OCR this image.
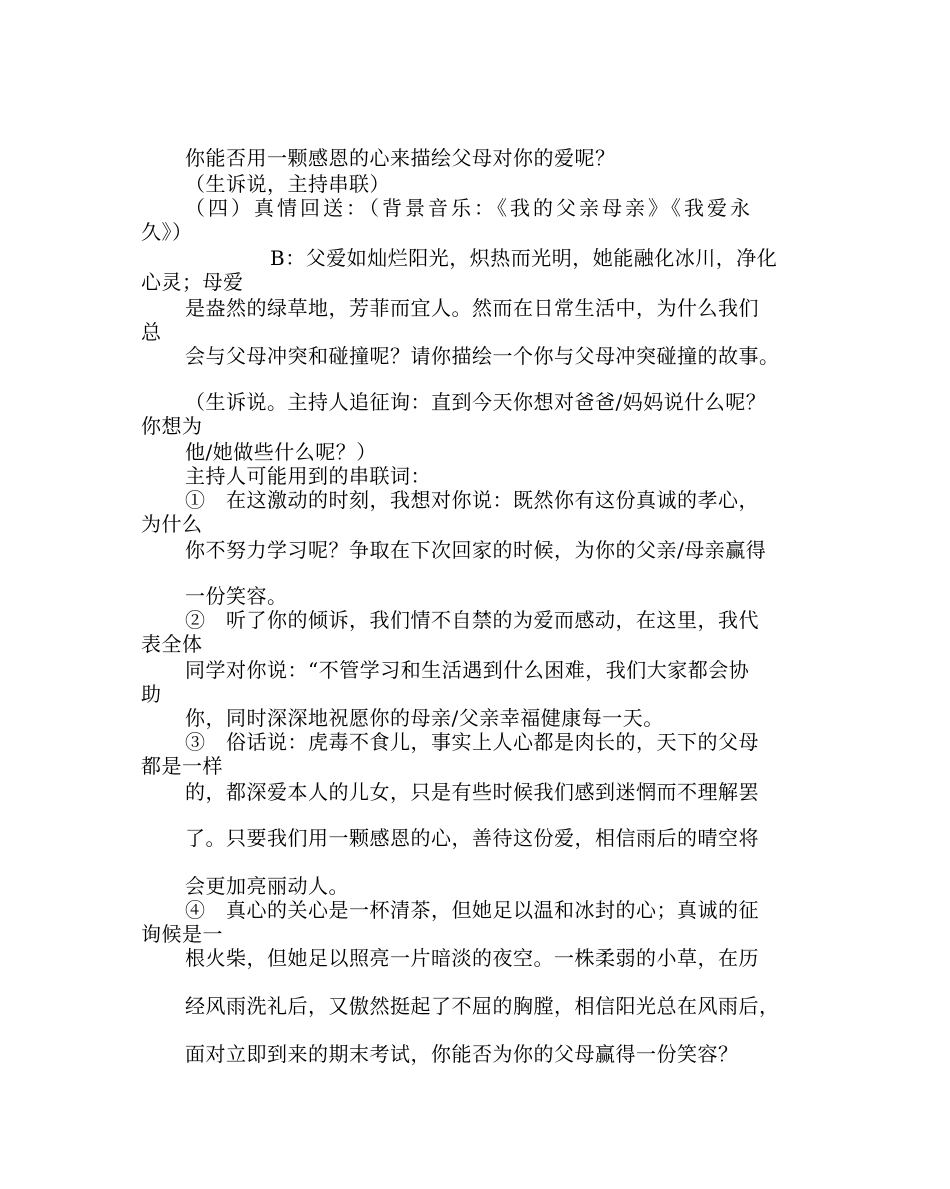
你能否用一颗感恩的心来描绘父母对你的爱呢？
（生诉说，主持串联）
（四）真情回送：（背景音乐：《我的父亲母亲》《我爱永
久》）
B：父爱如灿烂阳光，炽热而光明，她能融化冰川，净化
心灵；母爱
是盎然的绿草地，芳菲而宜人。然而在日常生活中，为什么我们
总
会与父母冲突和碰撞呢？请你描绘一个你与父母冲突碰撞的故事。
（生诉说。主持人追征询：直到今天你想对爸爸/妈妈说什么呢？
你想为
他/她做些什么呢？）
主持人可能用到的串联词：
①　在这激动的时刻，我想对你说：既然你有这份真诚的孝心，
为什么
你不努力学习呢？争取在下次回家的时候，为你的父亲/母亲赢得
一份笑容。
②　听了你的倾诉，我们情不自禁的为爱而感动，在这里，我代
表全体
同学对你说：“不管学习和生活遇到什么困难，我们大家都会协
助
你，同时深深地祝愿你的母亲/父亲幸福健康每一天。
③　俗话说：虎毒不食儿，事实上人心都是肉长的，天下的父母
都是一样
的，都深爱本人的儿女，只是有些时候我们感到迷惘而不理解罢
了。只要我们用一颗感恩的心，善待这份爱，相信雨后的晴空将
会更加亮丽动人。
④　真心的关心是一杯清茶，但她足以温和冰封的心；真诚的征
询候是一
根火柴，但她足以照亮一片暗淡的夜空。一株柔弱的小草，在历
经风雨洗礼后，又傲然挺起了不屈的胸膛，相信阳光总在风雨后，
面对立即到来的期末考试，你能否为你的父母赢得一份笑容？
